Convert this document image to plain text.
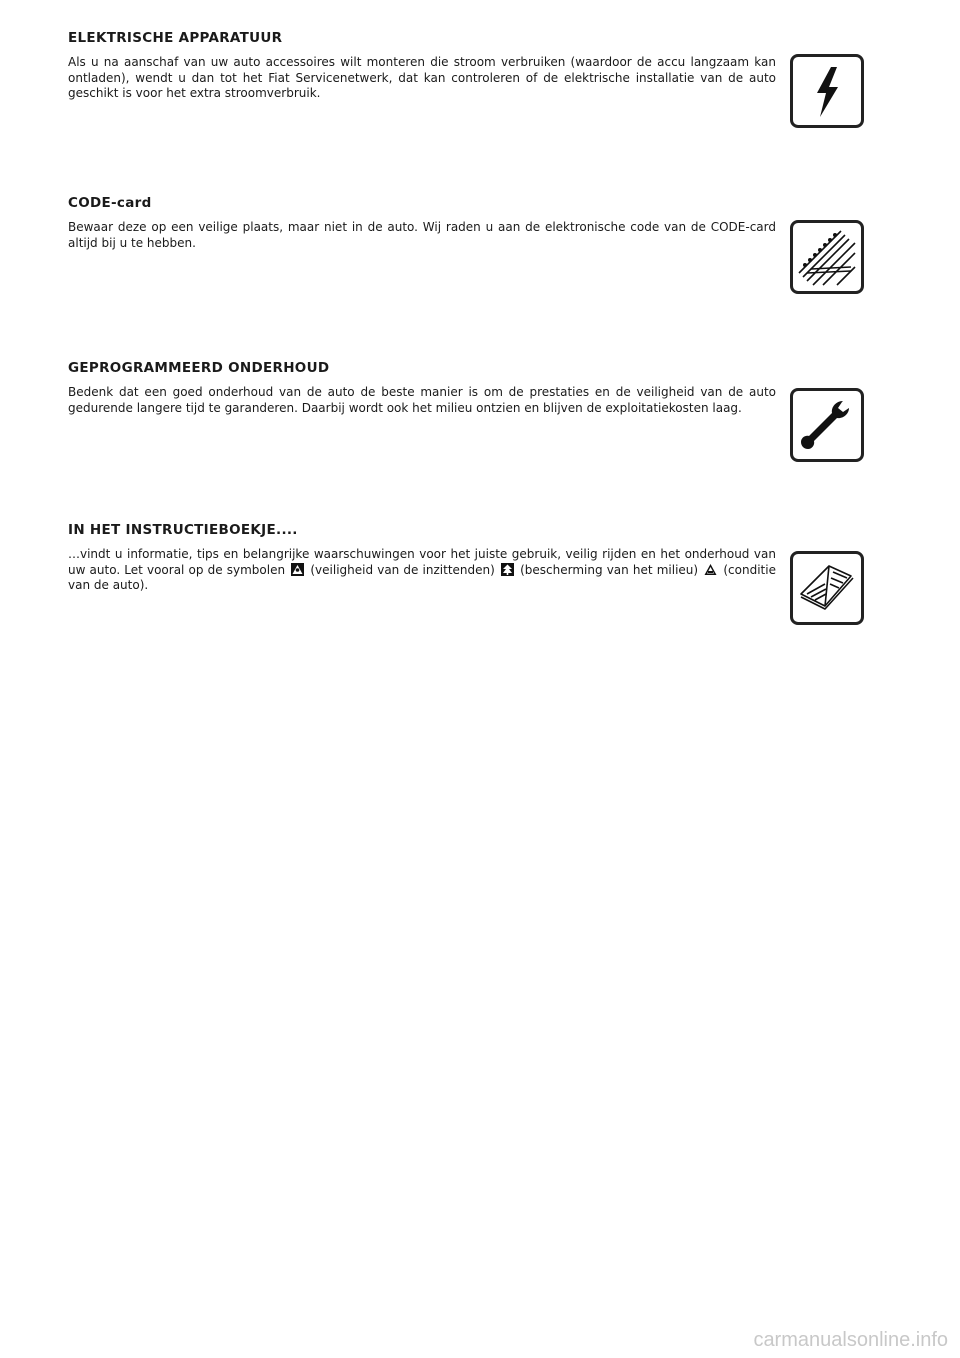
ELEKTRISCHE APPARATUUR

Als u na aanschaf van uw auto accessoires wilt monteren die stroom verbruiken (waardoor de accu langzaam kan ontladen), wendt u dan tot het Fiat Servicenetwerk, dat kan controleren of de elektrische installatie van de auto geschikt is voor het extra stroomverbruik.

CODE-card

Bewaar deze op een veilige plaats, maar niet in de auto. Wij raden u aan de elektronische code van de CODE-card altijd bij u te hebben.

GEPROGRAMMEERD ONDERHOUD

Bedenk dat een goed onderhoud van de auto de beste manier is om de prestaties en de veiligheid van de auto gedurende langere tijd te garanderen. Daarbij wordt ook het milieu ontzien en blijven de exploitatiekosten laag.

IN HET INSTRUCTIEBOEKJE....

…vindt u informatie, tips en belangrijke waarschuwingen voor het juiste gebruik, veilig rijden en het onderhoud van uw auto. Let vooral op de symbolen (veiligheid van de inzittenden) (bescherming van het milieu) (conditie van de auto).

carmanualsonline.info
